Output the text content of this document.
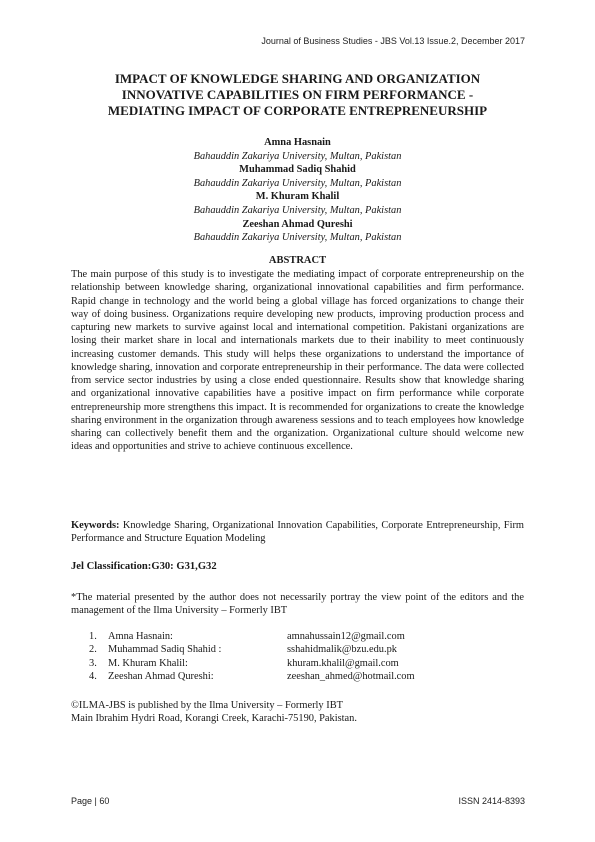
Journal of Business Studies - JBS Vol.13 Issue.2, December 2017
IMPACT OF KNOWLEDGE SHARING AND ORGANIZATION
INNOVATIVE CAPABILITIES ON FIRM PERFORMANCE -
MEDIATING IMPACT OF CORPORATE ENTREPRENEURSHIP
Amna Hasnain
Bahauddin Zakariya University, Multan, Pakistan
Muhammad Sadiq Shahid
Bahauddin Zakariya University, Multan, Pakistan
M. Khuram Khalil
Bahauddin Zakariya University, Multan, Pakistan
Zeeshan Ahmad Qureshi
Bahauddin Zakariya University, Multan, Pakistan
ABSTRACT
The main purpose of this study is to investigate the mediating impact of corporate entrepreneurship on the relationship between knowledge sharing, organizational innovational capabilities and firm performance. Rapid change in technology and the world being a global village has forced organizations to change their way of doing business. Organizations require developing new products, improving production process and capturing new markets to survive against local and international competition. Pakistani organizations are losing their market share in local and internationals markets due to their inability to meet continuously increasing customer demands. This study will helps these organizations to understand the importance of knowledge sharing, innovation and corporate entrepreneurship in their performance. The data were collected from service sector industries by using a close ended questionnaire. Results show that knowledge sharing and organizational innovative capabilities have a positive impact on firm performance while corporate entrepreneurship more strengthens this impact. It is recommended for organizations to create the knowledge sharing environment in the organization through awareness sessions and to teach employees how knowledge sharing can collectively benefit them and the organization. Organizational culture should welcome new ideas and opportunities and strive to achieve continuous excellence.
Keywords: Knowledge Sharing, Organizational Innovation Capabilities, Corporate Entrepreneurship, Firm Performance and Structure Equation Modeling
Jel Classification:G30: G31,G32
*The material presented by the author does not necessarily portray the view point of the editors and the management of the Ilma University – Formerly IBT
1. Amna Hasnain:	amnahussain12@gmail.com
2. Muhammad Sadiq Shahid :	sshahidmalik@bzu.edu.pk
3. M. Khuram Khalil:	khuram.khalil@gmail.com
4. Zeeshan Ahmad Qureshi:	zeeshan_ahmed@hotmail.com
©ILMA-JBS is published by the Ilma University – Formerly IBT
Main Ibrahim Hydri Road, Korangi Creek, Karachi-75190, Pakistan.
Page | 60	ISSN 2414-8393
